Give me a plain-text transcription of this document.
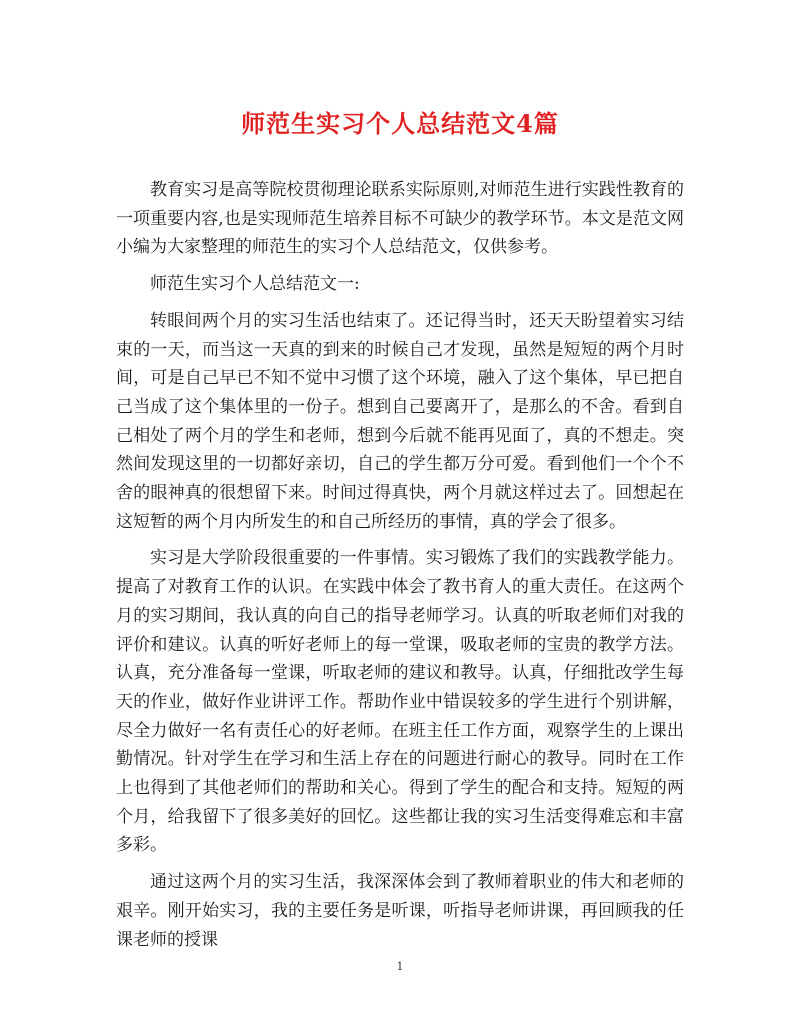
师范生实习个人总结范文4篇

教育实习是高等院校贯彻理论联系实际原则,对师范生进行实践性教育的一项重要内容,也是实现师范生培养目标不可缺少的教学环节。本文是范文网小编为大家整理的师范生的实习个人总结范文，仅供参考。

师范生实习个人总结范文一:

转眼间两个月的实习生活也结束了。还记得当时，还天天盼望着实习结束的一天，而当这一天真的到来的时候自己才发现，虽然是短短的两个月时间，可是自己早已不知不觉中习惯了这个环境，融入了这个集体，早已把自己当成了这个集体里的一份子。想到自己要离开了，是那么的不舍。看到自己相处了两个月的学生和老师，想到今后就不能再见面了，真的不想走。突然间发现这里的一切都好亲切，自己的学生都万分可爱。看到他们一个个不舍的眼神真的很想留下来。时间过得真快，两个月就这样过去了。回想起在这短暂的两个月内所发生的和自己所经历的事情，真的学会了很多。

实习是大学阶段很重要的一件事情。实习锻炼了我们的实践教学能力。提高了对教育工作的认识。在实践中体会了教书育人的重大责任。在这两个月的实习期间，我认真的向自己的指导老师学习。认真的听取老师们对我的评价和建议。认真的听好老师上的每一堂课，吸取老师的宝贵的教学方法。认真，充分准备每一堂课，听取老师的建议和教导。认真，仔细批改学生每天的作业，做好作业讲评工作。帮助作业中错误较多的学生进行个别讲解，尽全力做好一名有责任心的好老师。在班主任工作方面，观察学生的上课出勤情况。针对学生在学习和生活上存在的问题进行耐心的教导。同时在工作上也得到了其他老师们的帮助和关心。得到了学生的配合和支持。短短的两个月，给我留下了很多美好的回忆。这些都让我的实习生活变得难忘和丰富多彩。

通过这两个月的实习生活，我深深体会到了教师着职业的伟大和老师的艰辛。刚开始实习，我的主要任务是听课，听指导老师讲课，再回顾我的任课老师的授课

1
